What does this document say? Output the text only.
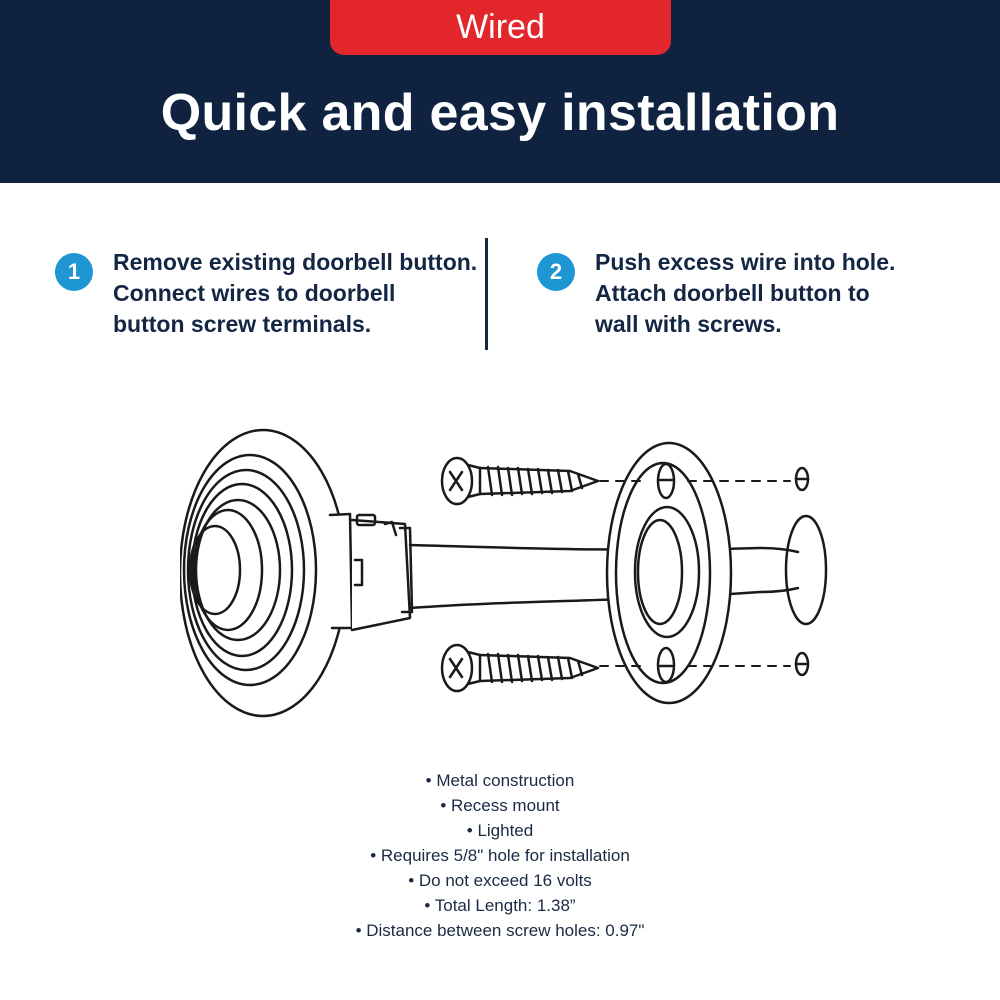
Wired
Quick and easy installation
1	Remove existing doorbell button.
Connect wires to doorbell
button screw terminals.
2	Push excess wire into hole.
Attach doorbell button to
wall with screws.
• Metal construction
• Recess mount
• Lighted
• Requires 5/8" hole for installation
• Do not exceed 16 volts
• Total Length: 1.38”
• Distance between screw holes: 0.97"
